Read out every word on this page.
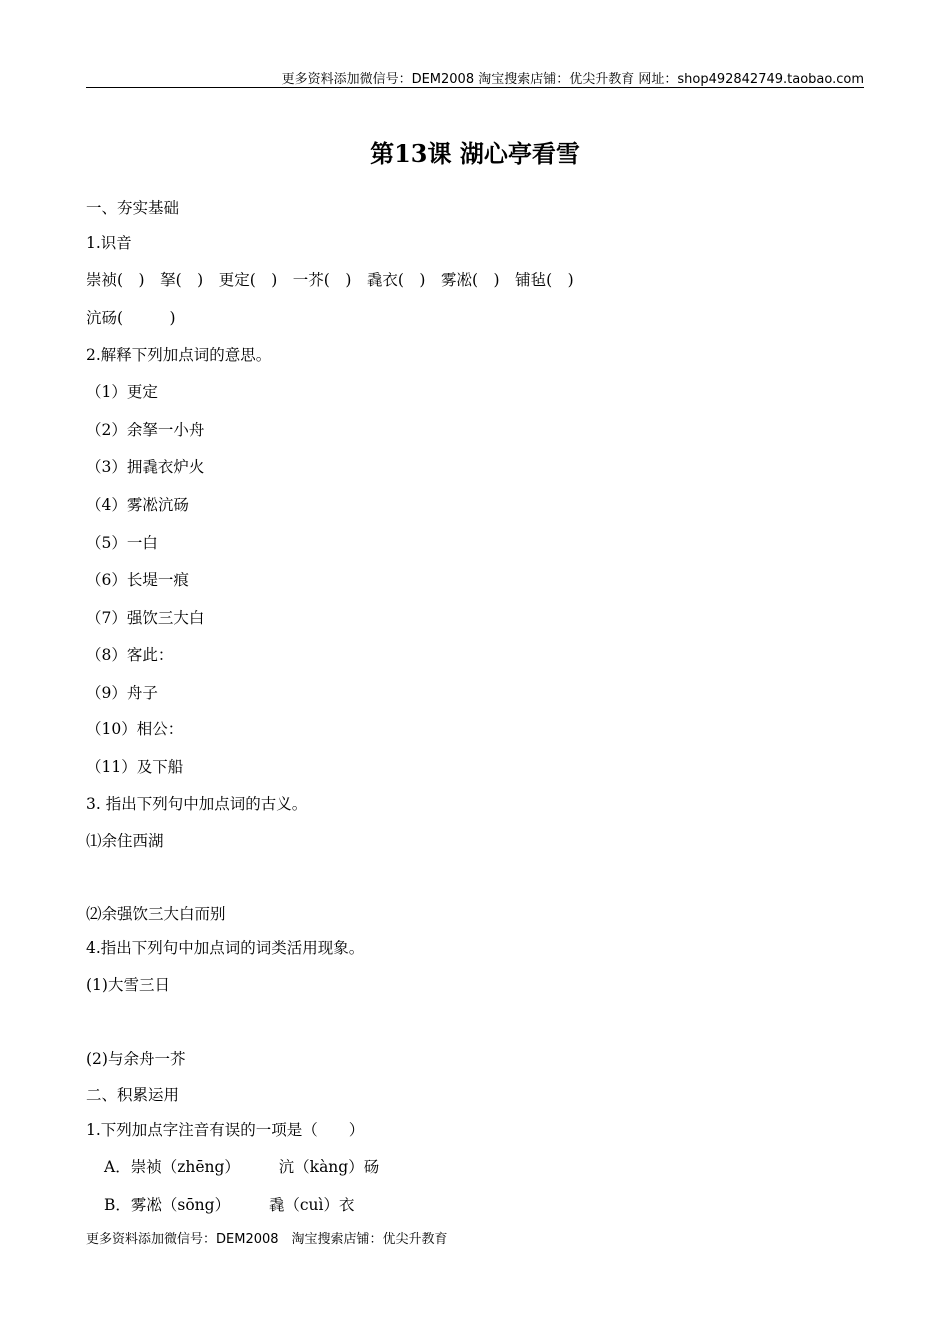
更多资料添加微信号：DEM2008 淘宝搜索店铺：优尖升教育 网址：shop492842749.taobao.com
第13课 湖心亭看雪
一、夯实基础
1.识音
崇祯(　)　拏(　)　更定(　)　一芥(　)　毳衣(　)　雾凇(　)　铺毡(　)
沆砀(　　　)
2.解释下列加点词的意思。
（1）更定
（2）余拏一小舟
（3）拥毳衣炉火
（4）雾凇沆砀
（5）一白
（6）长堤一痕
（7）强饮三大白
（8）客此：
（9）舟子
（10）相公：
（11）及下船
3. 指出下列句中加点词的古义。
⑴余住西湖
⑵余强饮三大白而别
4.指出下列句中加点词的词类活用现象。
(1)大雪三日
(2)与余舟一芥
二、积累运用
1.下列加点字注音有误的一项是（　　）
A．崇祯（zhēng）　　　沆（kàng）砀
B．雾凇（sōng）　　　毳（cuì）衣
更多资料添加微信号：DEM2008　淘宝搜索店铺：优尖升教育
